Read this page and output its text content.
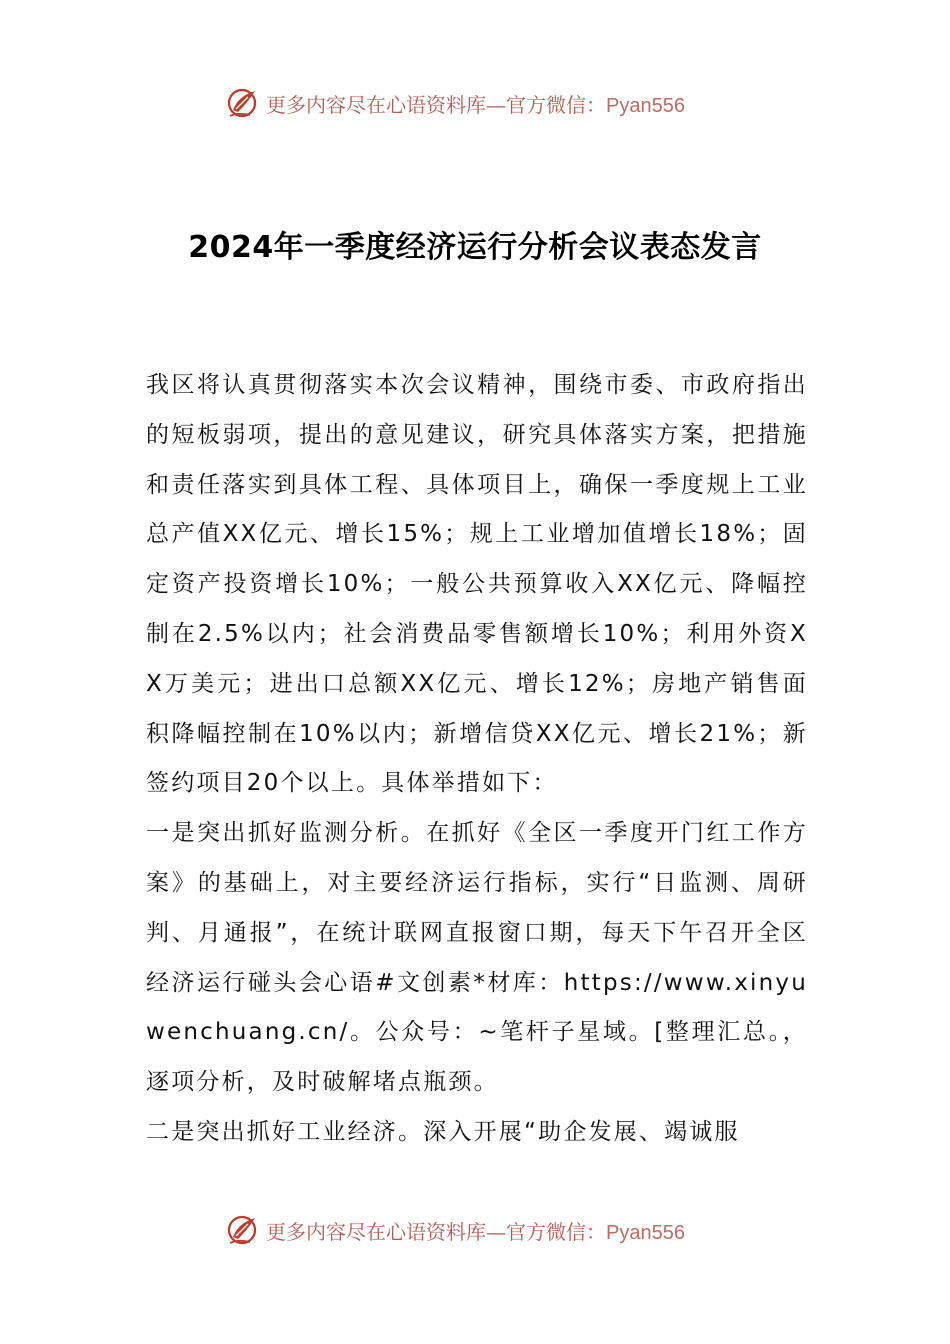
更多内容尽在心语资料库—官方微信：Pyan556
2024年一季度经济运行分析会议表态发言

我区将认真贯彻落实本次会议精神，围绕市委、市政府指出的短板弱项，提出的意见建议，研究具体落实方案，把措施和责任落实到具体工程、具体项目上，确保一季度规上工业总产值XX亿元、增长15%；规上工业增加值增长18%；固定资产投资增长10%；一般公共预算收入XX亿元、降幅控制在2.5%以内；社会消费品零售额增长10%；利用外资XX万美元；进出口总额XX亿元、增长12%；房地产销售面积降幅控制在10%以内；新增信贷XX亿元、增长21%；新签约项目20个以上。具体举措如下：

一是突出抓好监测分析。在抓好《全区一季度开门红工作方案》的基础上，对主要经济运行指标，实行“日监测、周研判、月通报”，在统计联网直报窗口期，每天下午召开全区经济运行碰头会心语#文创素*材库：https://www.xinyuwenchuang.cn/。公众号：~笔杆子星域。[整理汇总。，逐项分析，及时破解堵点瓶颈。

二是突出抓好工业经济。深入开展“助企发展、竭诚服

更多内容尽在心语资料库—官方微信：Pyan556
